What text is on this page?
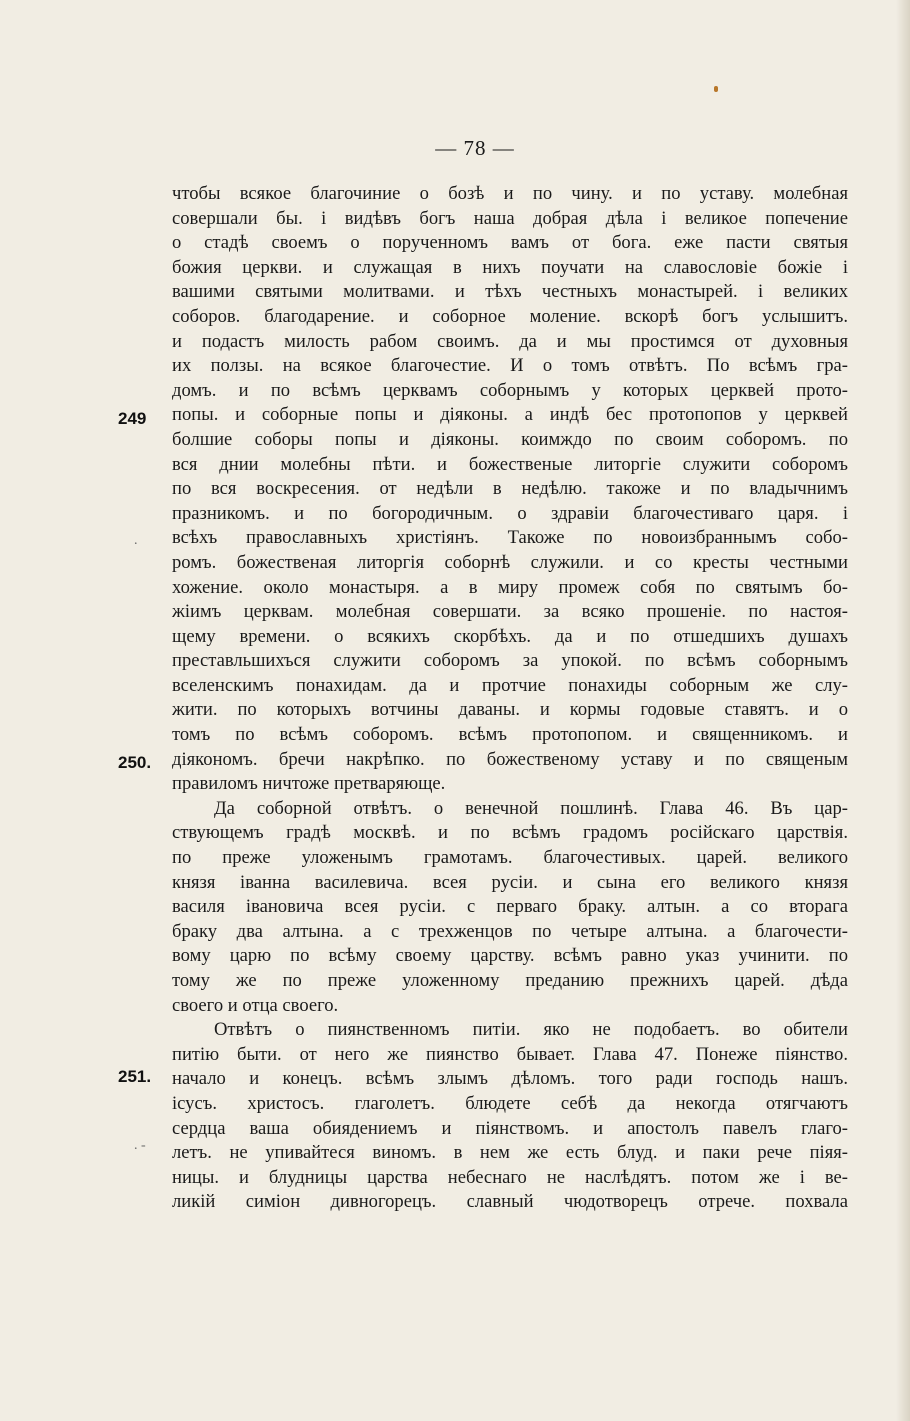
— 78 —
249
250.
251.
.
. -
чтобы всякое благочиние о бозѣ и по чину. и по уставу. молебная
совершали бы. і видѣвъ богъ наша добрая дѣла і великое попечение
о стадѣ своемъ о порученномъ вамъ от бога. еже пасти святыя
божия церкви. и служащая в нихъ поучати на славословіе божіе і
вашими святыми молитвами. и тѣхъ честныхъ монастырей. і великих
соборов. благодарение. и соборное моление. вскорѣ богъ услышитъ.
и подастъ милость рабом своимъ. да и мы простимся от духовныя
их ползы. на всякое благочестие. И о томъ отвѣтъ. По всѣмъ гра-
домъ. и по всѣмъ церквамъ соборнымъ у которых церквей прото-
попы. и соборные попы и діяконы. а индѣ бес протопопов у церквей
болшие соборы попы и діяконы. коимждо по своим соборомъ. по
вся днии молебны пѣти. и божественые литоргіе служити соборомъ
по вся воскресения. от недѣли в недѣлю. такоже и по владычнимъ
празникомъ. и по богородичным. о здравіи благочестиваго царя. і
всѣхъ православныхъ христіянъ. Такоже по новоизбраннымъ собо-
ромъ. божественая литоргія соборнѣ служили. и со кресты честными
хожение. около монастыря. а в миру промеж собя по святымъ бо-
жіимъ церквам. молебная совершати. за всяко прошеніе. по настоя-
щему времени. о всякихъ скорбѣхъ. да и по отшедшихъ душахъ
преставльшихъся служити соборомъ за упокой. по всѣмъ соборнымъ
вселенскимъ понахидам. да и протчие понахиды соборным же слу-
жити. по которыхъ вотчины даваны. и кормы годовые ставятъ. и о
томъ по всѣмъ соборомъ. всѣмъ протопопом. и священникомъ. и
діякономъ. бречи накрѣпко. по божественому уставу и по священым
правиломъ ничтоже претваряюще.
Да соборной отвѣтъ. о венечной пошлинѣ. Глава 46. Въ цар-
ствующемъ градѣ москвѣ. и по всѣмъ градомъ російскаго царствія.
по преже уложенымъ грамотамъ. благочестивых. царей. великого
князя іванна василевича. всея русіи. и сына его великого князя
василя івановича всея русіи. с перваго браку. алтын. а со вторага
браку два алтына. а с трехженцов по четыре алтына. а благочести-
вому царю по всѣму своему царству. всѣмъ равно указ учинити. по
тому же по преже уложенному преданию прежнихъ царей. дѣда
своего и отца своего.
Отвѣтъ о пиянственномъ питіи. яко не подобаетъ. во обители
питію быти. от него же пиянство бывает. Глава 47. Понеже піянство.
начало и конецъ. всѣмъ злымъ дѣломъ. того ради господь нашъ.
ісусъ. христосъ. глаголетъ. блюдете себѣ да некогда отягчаютъ
сердца ваша обиядениемъ и піянствомъ. и апостолъ павелъ глаго-
летъ. не упивайтеся виномъ. в нем же есть блуд. и паки рече піяя-
ницы. и блудницы царства небеснаго не наслѣдятъ. потом же і ве-
ликій симіон дивногорецъ. славный чюдотворецъ отрече. похвала
